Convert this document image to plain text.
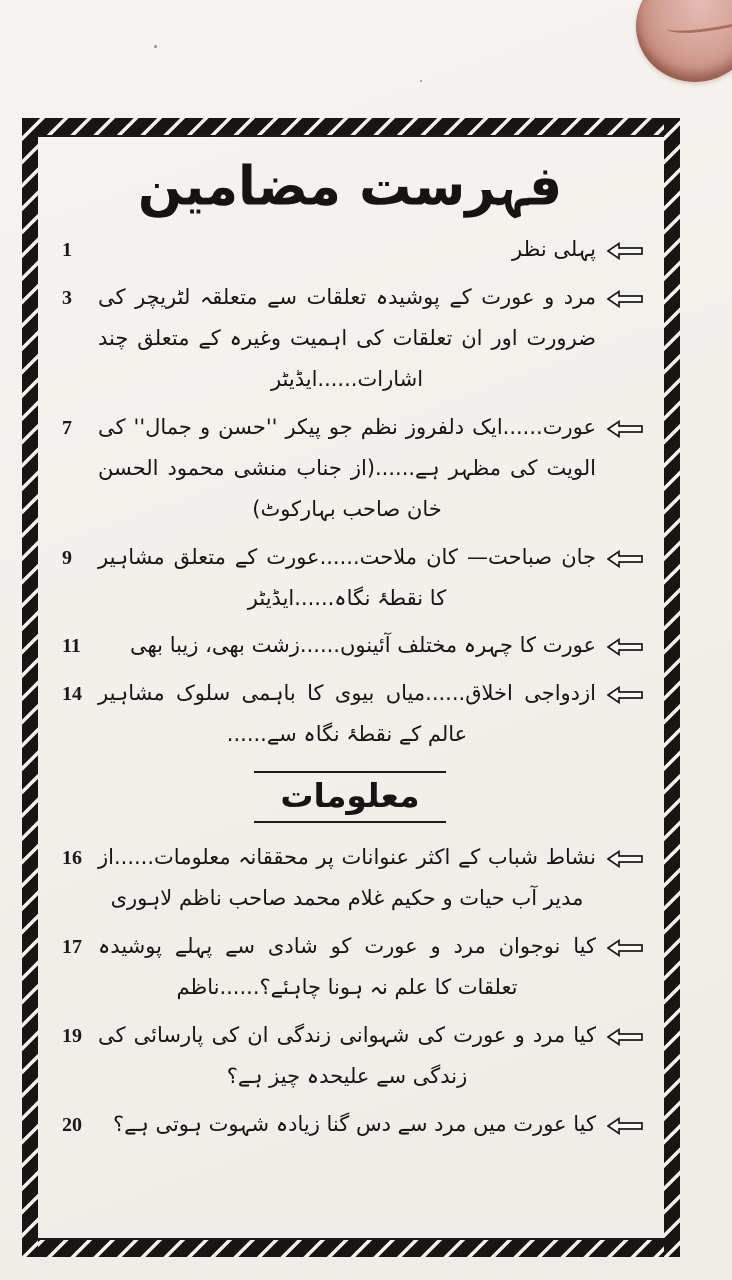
فہرست مضامین
1	پہلی نظر
3	مرد و عورت کے پوشیدہ تعلقات سے متعلقہ لٹریچر کی ضرورت اور ان تعلقات کی اہمیت وغیرہ کے متعلق چند اشارات......ایڈیٹر
7	عورت......ایک دلفروز نظم جو پیکر ''حسن و جمال'' کی الویت کی مظہر ہے......(از جناب منشی محمود الحسن خان صاحب بہارکوٹ)
9	جان صباحت— کان ملاحت......عورت کے متعلق مشاہیر کا نقطۂ نگاہ......ایڈیٹر
11	عورت کا چہرہ مختلف آئینوں......زشت بھی، زیبا بھی
14 ازدواجی اخلاق......میاں بیوی کا باہمی سلوک مشاہیر عالم کے نقطۂ نگاہ سے......
معلومات
16 نشاط شباب کے اکثر عنوانات پر محققانہ معلومات......از مدیر آب حیات و حکیم غلام محمد صاحب ناظم لاہوری
17 کیا نوجوان مرد و عورت کو شادی سے پہلے پوشیدہ تعلقات کا علم نہ ہونا چاہئے؟......ناظم
19 کیا مرد و عورت کی شہوانی زندگی ان کی پارسائی کی زندگی سے علیحدہ چیز ہے؟
20	کیا عورت میں مرد سے دس گنا زیادہ شہوت ہوتی ہے؟
